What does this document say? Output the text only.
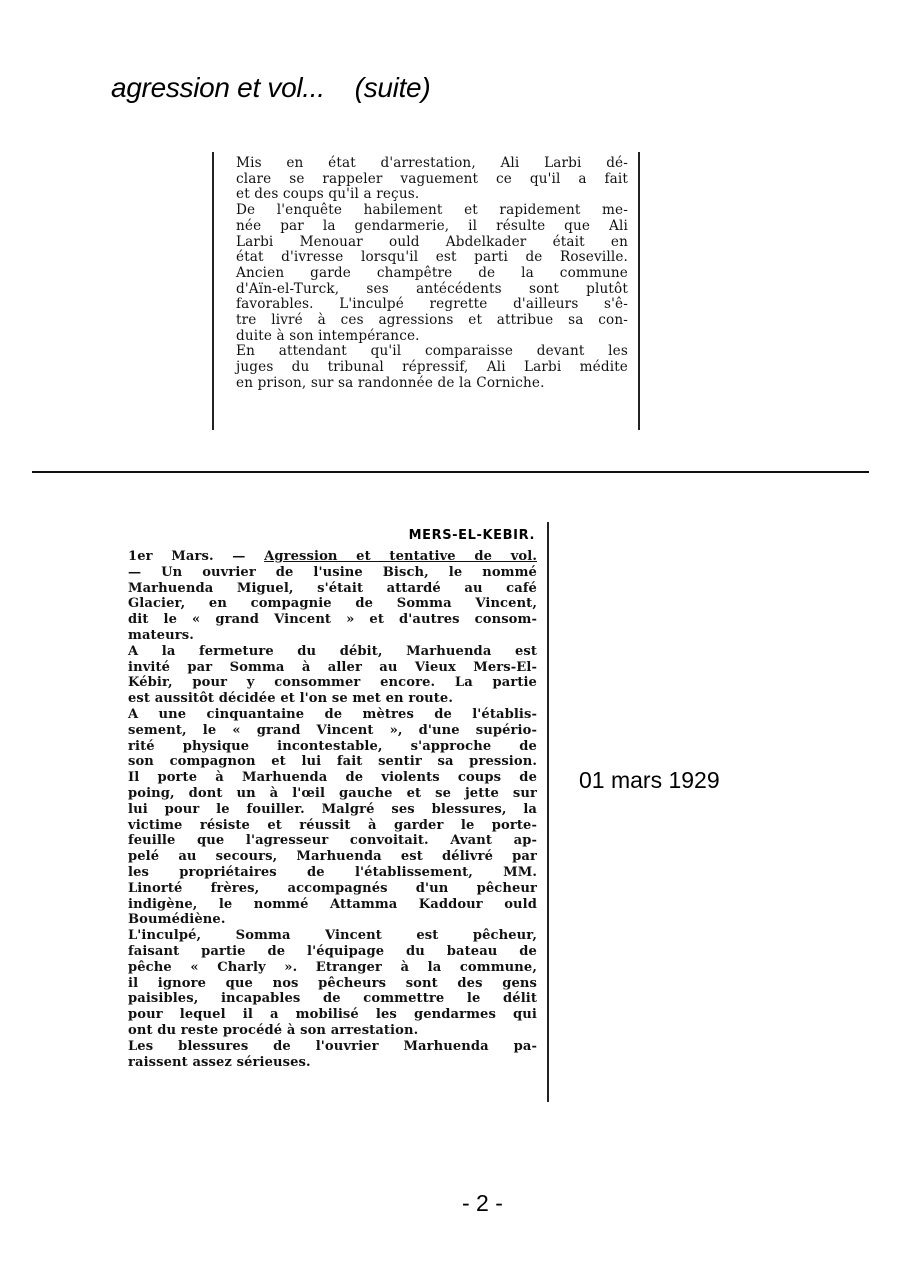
agression et vol...    (suite)

Mis en état d'arrestation, Ali Larbi dé-

clare se rappeler vaguement ce qu'il a fait

et des coups qu'il a reçus.

De l'enquête habilement et rapidement me-

née par la gendarmerie, il résulte que Ali

Larbi Menouar ould Abdelkader était en

état d'ivresse lorsqu'il est parti de Roseville.

Ancien garde champêtre de la commune

d'Aïn-el-Turck, ses antécédents sont plutôt

favorables. L'inculpé regrette d'ailleurs s'ê-

tre livré à ces agressions et attribue sa con-

duite à son intempérance.

En attendant qu'il comparaisse devant les

juges du tribunal répressif, Ali Larbi médite

en prison, sur sa randonnée de la Corniche.

MERS-EL-KEBIR.

1er Mars. — Agression et tentative de vol.

— Un ouvrier de l'usine Bisch, le nommé

Marhuenda Miguel, s'était attardé au café

Glacier, en compagnie de Somma Vincent,

dit le « grand Vincent » et d'autres consom-

mateurs.

A la fermeture du débit, Marhuenda est

invité par Somma à aller au Vieux Mers-El-

Kébir, pour y consommer encore. La partie

est aussitôt décidée et l'on se met en route.

A une cinquantaine de mètres de l'établis-

sement, le « grand Vincent », d'une supério-

rité physique incontestable, s'approche de

son compagnon et lui fait sentir sa pression.

Il porte à Marhuenda de violents coups de

poing, dont un à l'œil gauche et se jette sur

lui pour le fouiller. Malgré ses blessures, la

victime résiste et réussit à garder le porte-

feuille que l'agresseur convoitait. Avant ap-

pelé au secours, Marhuenda est délivré par

les propriétaires de l'établissement, MM.

Linorté frères, accompagnés d'un pêcheur

indigène, le nommé Attamma Kaddour ould

Boumédiène.

L'inculpé, Somma Vincent est pêcheur,

faisant partie de l'équipage du bateau de

pêche « Charly ». Etranger à la commune,

il ignore que nos pêcheurs sont des gens

paisibles, incapables de commettre le délit

pour lequel il a mobilisé les gendarmes qui

ont du reste procédé à son arrestation.

Les blessures de l'ouvrier Marhuenda pa-

raissent assez sérieuses.

01 mars 1929
- 2 -
